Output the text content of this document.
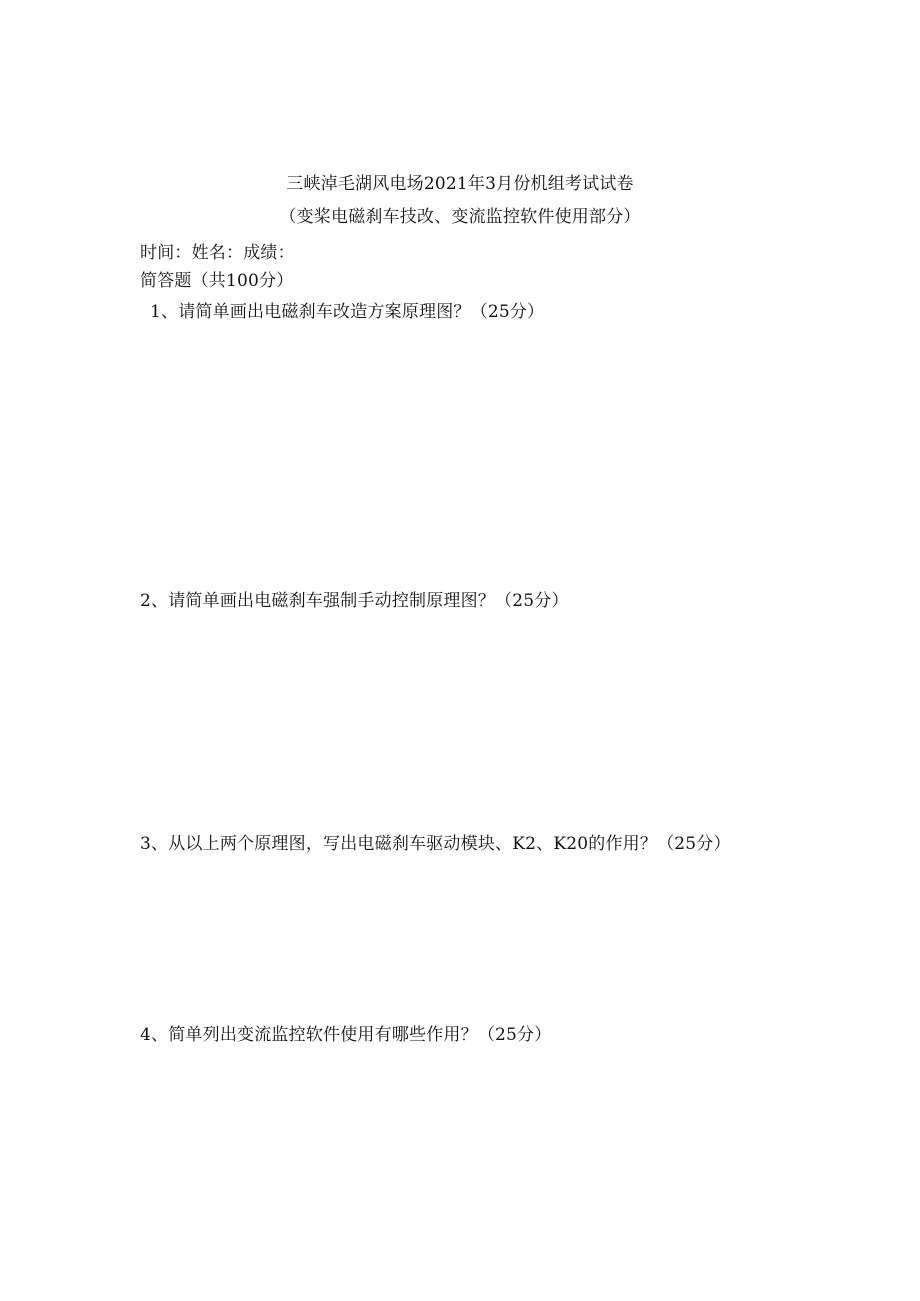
三峡淖毛湖风电场2021年3月份机组考试试卷
（变桨电磁刹车技改、变流监控软件使用部分）
时间：姓名：成绩：
简答题（共100分）
1、请简单画出电磁刹车改造方案原理图？（25分）
2、请简单画出电磁刹车强制手动控制原理图？（25分）
3、从以上两个原理图，写出电磁刹车驱动模块、K2、K20的作用？（25分）
4、简单列出变流监控软件使用有哪些作用？（25分）
